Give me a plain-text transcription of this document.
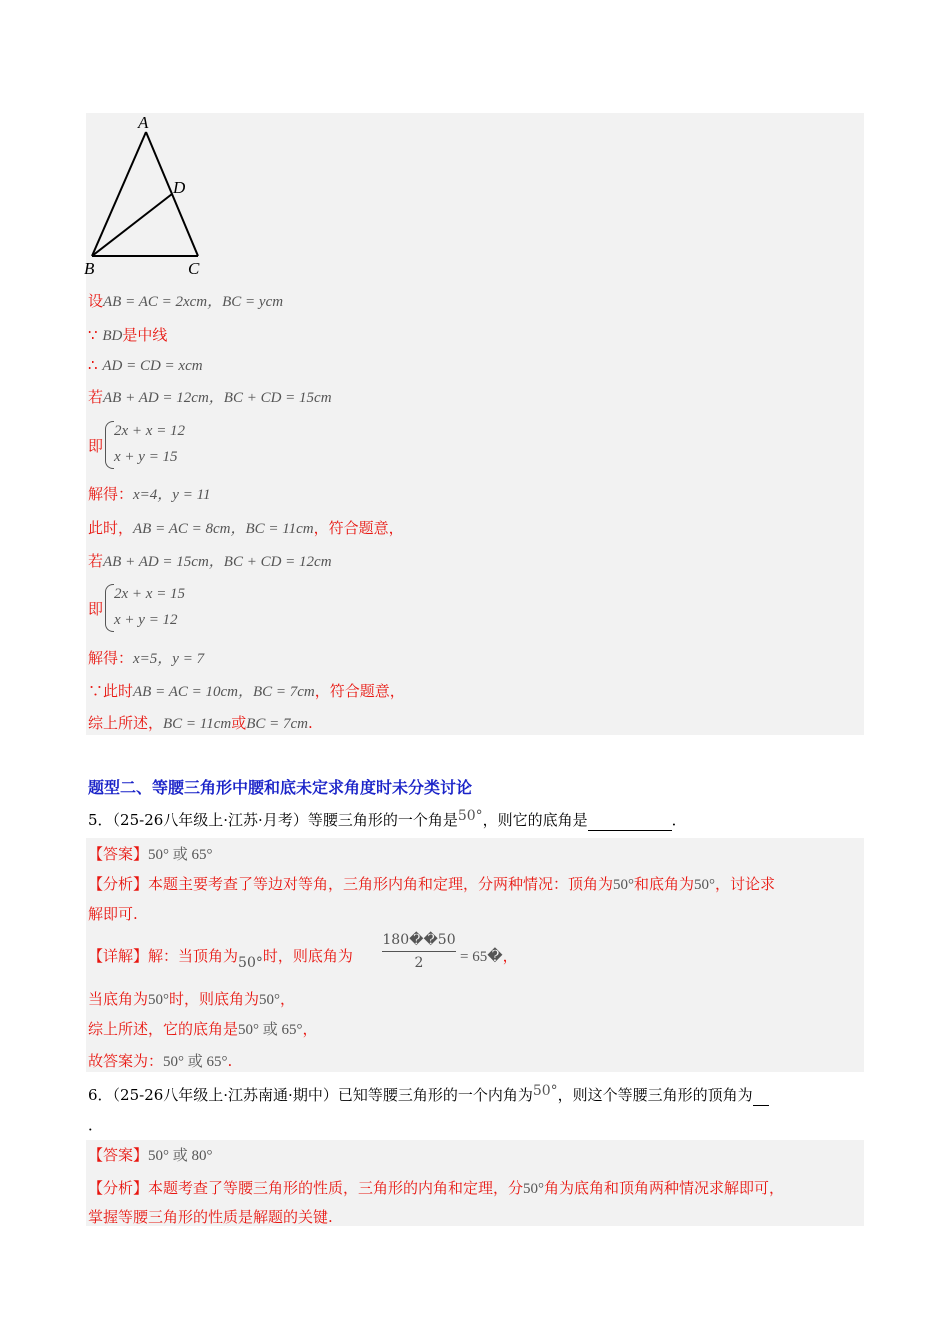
A
B	C
D
设AB = AC = 2xcm，BC = ycm
∵ BD是中线
∴ AD = CD = xcm
若AB + AD = 12cm，BC + CD = 15cm
即
2x + x = 12
x + y = 15
解得：x=4，y = 11
此时，AB = AC = 8cm，BC = 11cm，符合题意，
若AB + AD = 15cm，BC + CD = 12cm
即
2x + x = 15
x + y = 12
解得：x=5，y = 7
∵此时AB = AC = 10cm，BC = 7cm，符合题意，
综上所述，BC = 11cm或BC = 7cm.
题型二、等腰三角形中腰和底未定求角度时未分类讨论
5．（25-26八年级上·江苏·月考）等腰三角形的一个角是50°，则它的底角是	．
【答案】50° 或 65°
【分析】本题主要考查了等边对等角，三角形内角和定理，分两种情况：顶角为50°和底角为50°，讨论求
解即可.
【详解】解：当顶角为50°时，则底角为
180��50
2	= 65�，
当底角为50°时，则底角为50°，
综上所述，它的底角是50° 或 65°，
故答案为：50° 或 65°.
6．（25-26八年级上·江苏南通·期中）已知等腰三角形的一个内角为50°，则这个等腰三角形的顶角为
．
【答案】50° 或 80°
【分析】本题考查了等腰三角形的性质，三角形的内角和定理，分50°角为底角和顶角两种情况求解即可，
掌握等腰三角形的性质是解题的关键.
